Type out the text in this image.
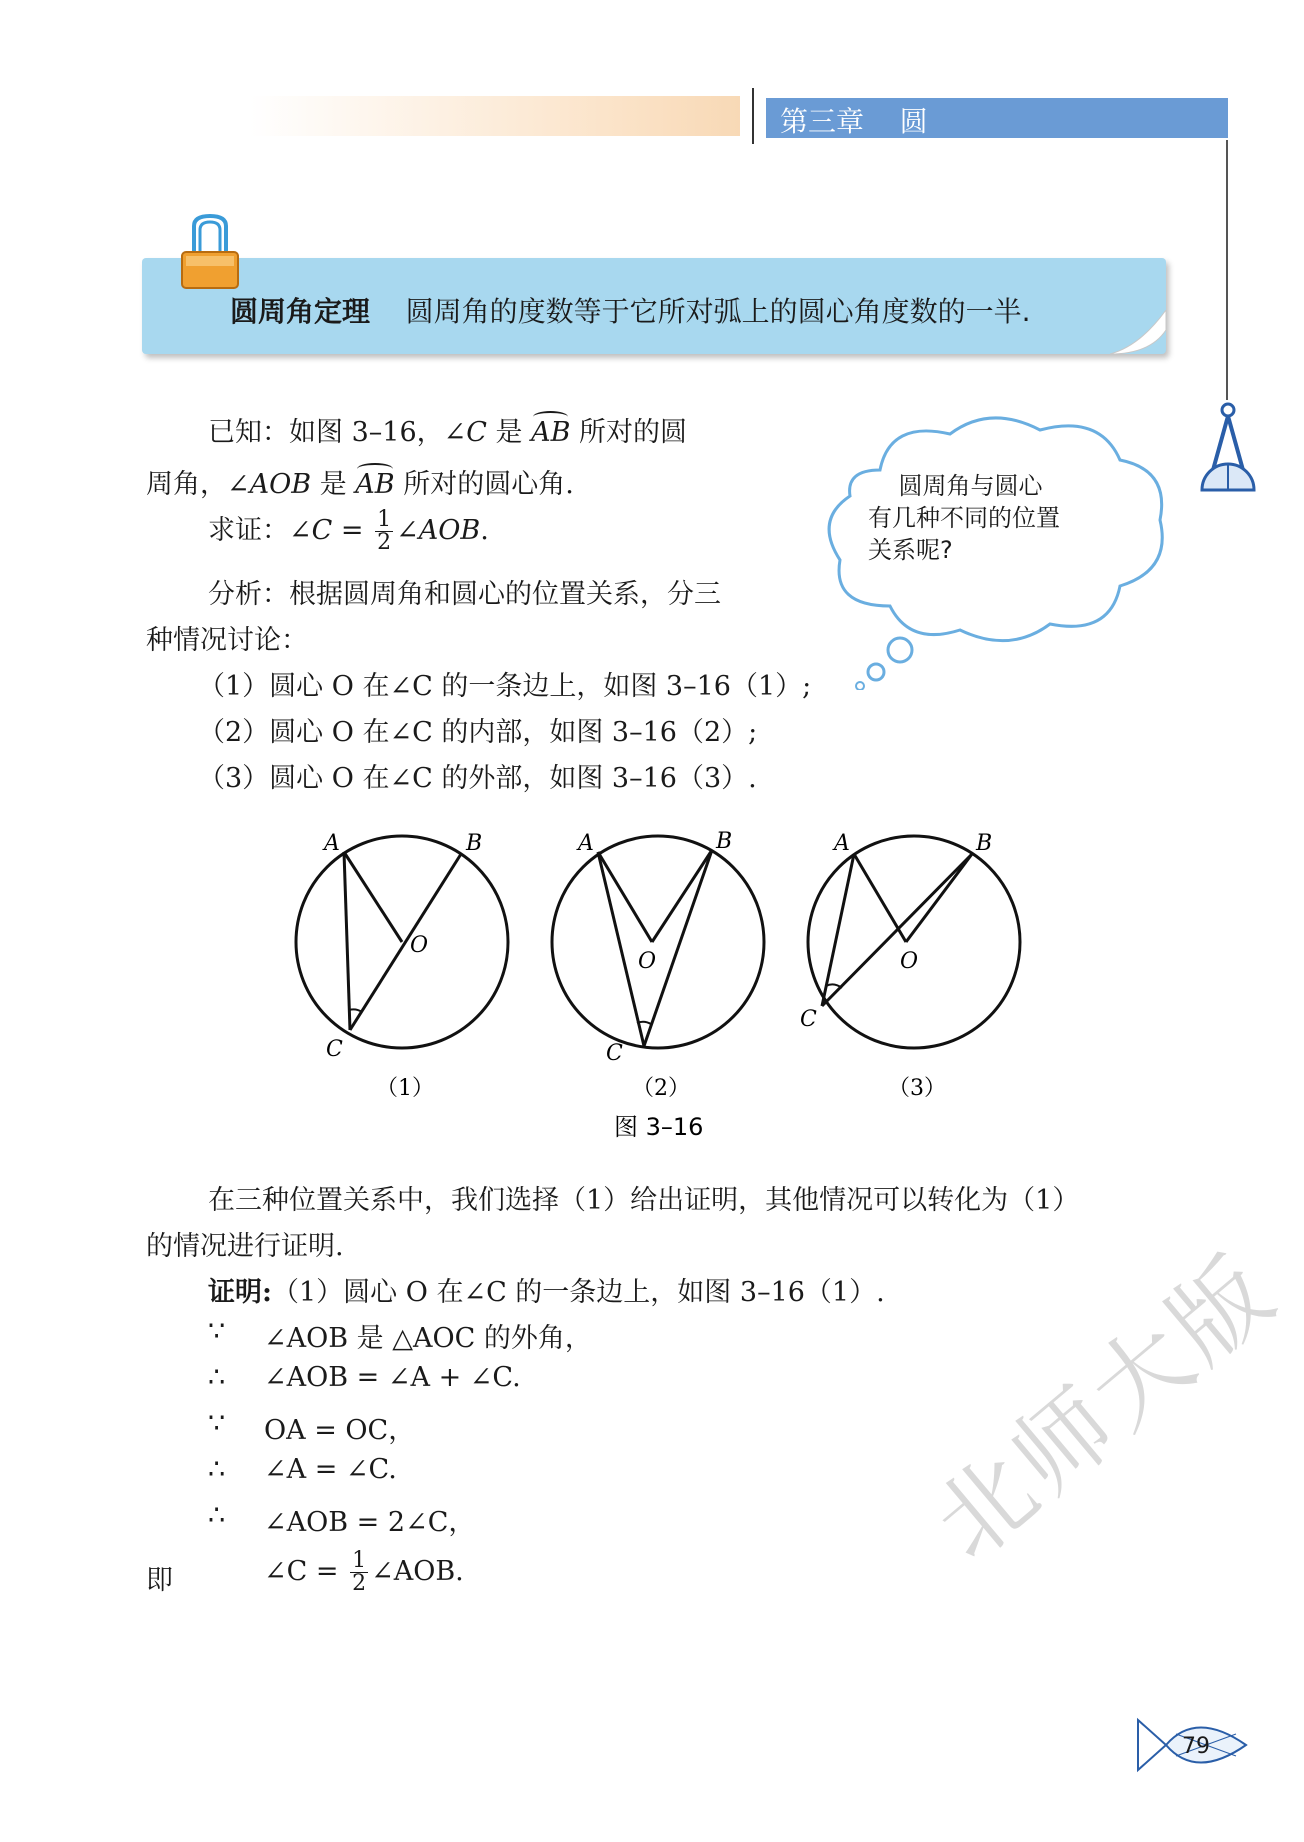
第三章    圆
圆周角定理 圆周角的度数等于它所对弧上的圆心角度数的一半.
已知：如图 3–16，∠C 是 AB 所对的圆
周角，∠AOB 是 AB 所对的圆心角.
求证：∠C = $\frac{1}{2}$ ∠AOB.
分析：根据圆周角和圆心的位置关系，分三
种情况讨论：
（1）圆心 O 在∠C 的一条边上，如图 3–16（1）;
（2）圆心 O 在∠C 的内部，如图 3–16（2）;
（3）圆心 O 在∠C 的外部，如图 3–16（3）.
圆周角与圆心
有几种不同的位置
关系呢?
A	B
O
C
（1）
A	B
O
C
（2）
A	B
O
C
（3）
图 3–16
在三种位置关系中，我们选择（1）给出证明，其他情况可以转化为（1）
的情况进行证明.
证明:（1）圆心 O 在∠C 的一条边上，如图 3–16（1）.
∵ ∠AOB 是 △AOC 的外角，
∴ ∠AOB = ∠A + ∠C.
∵ OA = OC，
∴ ∠A = ∠C.
∴ ∠AOB = 2∠C，
即	∠C = $\frac{1}{2}$ ∠AOB.	北师大版
79
